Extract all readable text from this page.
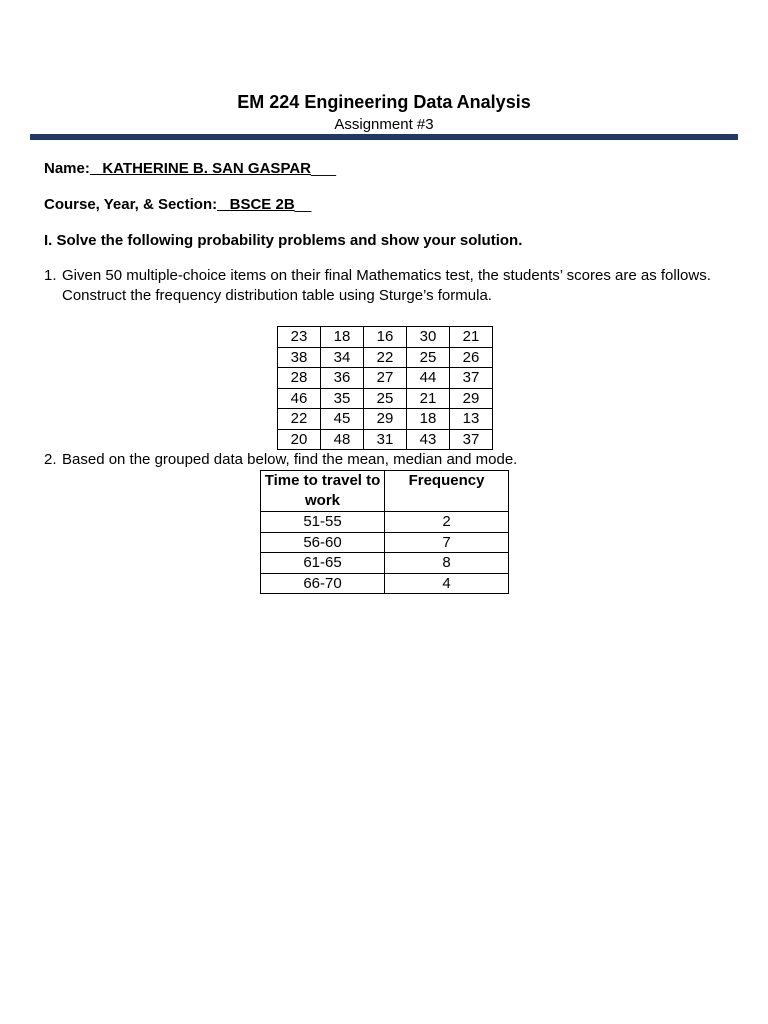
EM 224 Engineering Data Analysis
Assignment #3
Name: _KATHERINE B. SAN GASPAR___
Course, Year, & Section: _BSCE 2B__
I. Solve the following probability problems and show your solution.
1. Given 50 multiple-choice items on their final Mathematics test, the students’ scores are as follows. Construct the frequency distribution table using Sturge’s formula.
23	18	16	30	21
38	34	22	25	26
28	36	27	44	37
46	35	25	21	29
22	45	29	18	13
20	48	31	43	37
2. Based on the grouped data below, find the mean, median and mode.
Time to travel to work	Frequency
51-55	2
56-60	7
61-65	8
66-70	4
